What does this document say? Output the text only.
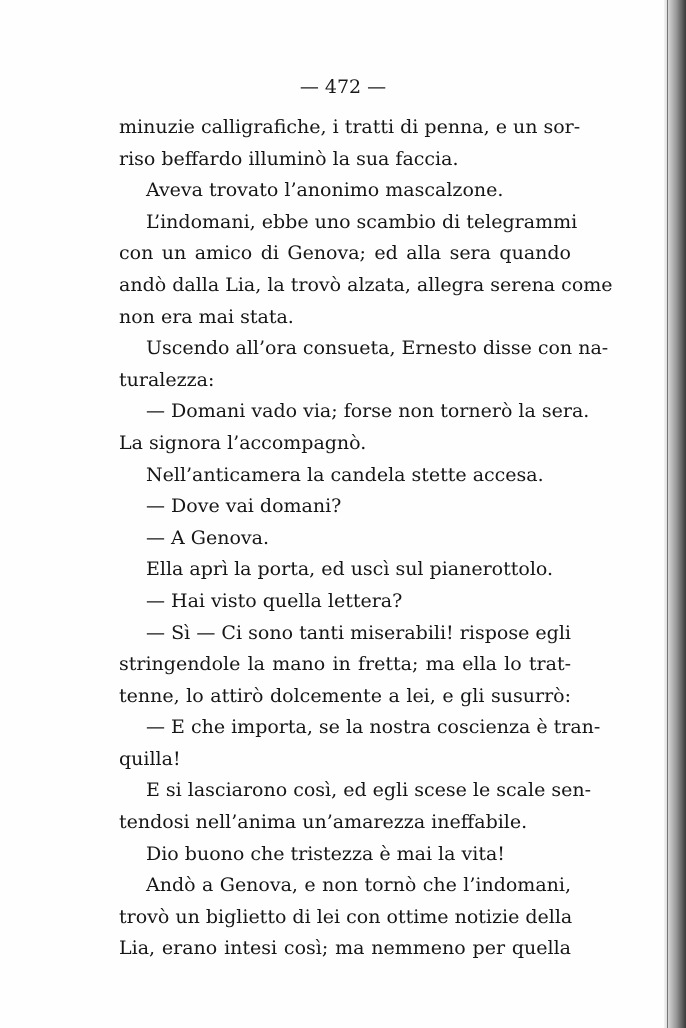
— 472 —
minuzie calligrafiche, i tratti di penna, e un sor-
riso beffardo illuminò la sua faccia.
Aveva trovato l’anonimo mascalzone.
L’indomani, ebbe uno scambio di telegrammi
con un amico di Genova; ed alla sera quando
andò dalla Lia, la trovò alzata, allegra serena come
non era mai stata.
Uscendo all’ora consueta, Ernesto disse con na-
turalezza:
— Domani vado via; forse non tornerò la sera.
La signora l’accompagnò.
Nell’anticamera la candela stette accesa.
— Dove vai domani?
— A Genova.
Ella aprì la porta, ed uscì sul pianerottolo.
— Hai visto quella lettera?
— Sì — Ci sono tanti miserabili! rispose egli
stringendole la mano in fretta; ma ella lo trat-
tenne, lo attirò dolcemente a lei, e gli susurrò:
— E che importa, se la nostra coscienza è tran-
quilla!
E si lasciarono così, ed egli scese le scale sen-
tendosi nell’anima un’amarezza ineffabile.
Dio buono che tristezza è mai la vita!
Andò a Genova, e non tornò che l’indomani,
trovò un biglietto di lei con ottime notizie della
Lia, erano intesi così; ma nemmeno per quella
